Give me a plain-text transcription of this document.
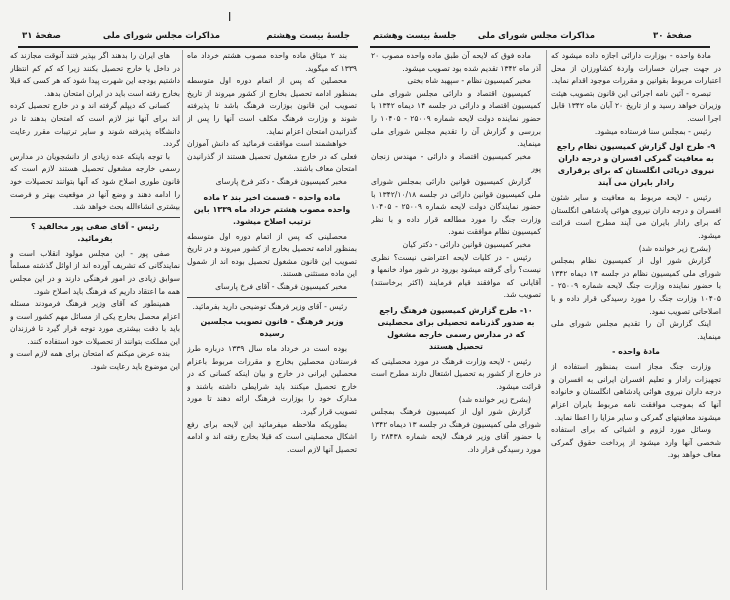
جلسهٔ بیست وهشتم
مذاکرات مجلس شورای ملی
صفحهٔ ۳۱

بند ۲ میثاق ماده واحده مصوب هشتم خرداد ماه ۱۳۳۹ که میگوید.

محصلین که پس از اتمام دوره اول متوسطه بمنظور ادامه تحصیل بخارج از کشور میروند از تاریخ تصویب این قانون بوزارت فرهنگ باشد تا پذیرفته شوند و وزارت فرهنگ مکلف است آنها را پس از گذرانیدن امتحان اعزام نماید.

خواهشمند است موافقت فرمائید که دانش آموزان فعلی که در خارج مشغول تحصیل هستند از گذرانیدن امتحان معاف باشند.

مخبر کمیسیون فرهنگ - دکتر فرخ پارسای

ماده واحده - قسمت اخیر بند ۲ ماده واحده مصوب هشتم خرداد ماه ۱۳۳۹ باین ترتیب اصلاح میشود.

محصلینی که پس از اتمام دوره اول متوسطه بمنظور ادامه تحصیل بخارج از کشور میروند و در تاریخ تصویب این قانون مشغول تحصیل بوده اند از شمول این ماده مستثنی هستند.

مخبر کمیسیون فرهنگ - آقای فرخ پارسای

رئیس - آقای وزیر فرهنگ توضیحی دارید بفرمائید.

وزیر فرهنگ - قانون تصویب مجلسین رسیده

بوده است در خرداد ماه سال ۱۳۳۹ درباره طرز فرستادن محصلین بخارج و مقررات مربوط باعزام محصلین ایرانی در خارج و بیان اینکه کسانی که در خارج تحصیل میکنند باید شرایطی داشته باشند و مدارک خود را بوزارت فرهنگ ارائه دهند تا مورد تصویب قرار گیرد.

بطوریکه ملاحظه میفرمائید این لایحه برای رفع اشکال محصلینی است که قبلا بخارج رفته اند و ادامه تحصیل آنها لازم است.

های ایران را بدهند اگر بپذیر فتند آنوقت مجازند که در داخل یا خارج تحصیل بکنند زیرا که کم کم انتظار داشتیم بودجه این شهرت پیدا شود که هر کسی که قبلا بخارج رفته است باید در ایران امتحان بدهد.

کسانی که دیپلم گرفته اند و در خارج تحصیل کرده اند برای آنها نیز لازم است که امتحان بدهند تا در دانشگاه پذیرفته شوند و سایر ترتیبات مقرر رعایت گردد.

با توجه باینکه عده زیادی از دانشجویان در مدارس رسمی خارجه مشغول تحصیل هستند لازم است که قانون طوری اصلاح شود که آنها بتوانند تحصیلات خود را ادامه دهند و وضع آنها در موقعیت بهتر و فرصت بیشتری انشاءالله بحث خواهد شد.

رئیس - آقای صفی پور مخالفید ؟ بفرمائید.

صفی پور - این مجلس مولود انقلاب است و نمایندگانی که تشریف آورده اند از اوائل گذشته مسلماً سوابق زیادی در امور فرهنگی دارند و در این مجلس همه ما اعتقاد داریم که فرهنگ باید اصلاح شود.

همینطور که آقای وزیر فرهنگ فرمودند مسئله اعزام محصل بخارج یکی از مسائل مهم کشور است و باید با دقت بیشتری مورد توجه قرار گیرد تا فرزندان این مملکت بتوانند از تحصیلات خود استفاده کنند.

بنده عرض میکنم که امتحان برای همه لازم است و این موضوع باید رعایت شود.

صفحهٔ ۳۰
مذاکرات مجلس شورای ملی
جلسهٔ بیست وهشتم

مادهٔ واحده - بوزارت دارائی اجازه داده میشود که در جهت جبران خسارات واردهٔ کشاورزان از محل اعتبارات مربوط بقوانین و مقررات موجود اقدام نماید.

تبصره - آئین نامه اجرائی این قانون بتصویب هیئت وزیران خواهد رسید و از تاریخ ۲۰ آبان ماه ۱۳۴۲ قابل اجرا است.

رئیس - بمجلس سنا فرستاده میشود.

۹- طرح اول گزارش کمیسیون نظام راجع به معافیت گمرکی افسران و درجه داران نیروی دریائی انگلستان که برای برقراری رادار بایران می آیند

رئیس - لایحه مربوط به معافیت و سایر شئون افسران و درجه داران نیروی هوائی پادشاهی انگلستان که برای رادار بایران می آیند مطرح است قرائت میشود.

(بشرح زیر خوانده شد)

گزارش شور اول از کمیسیون نظام بمجلس شورای ملی کمیسیون نظام در جلسه ۱۴ دیماه ۱۳۴۲ با حضور نماینده وزارت جنگ لایحه شماره ۲۵۰۰۹ - ۱۰۴۰۵ وزارت جنگ را مورد رسیدگی قرار داده و با اصلاحاتی تصویب نمود.

اینک گزارش آن را تقدیم مجلس شورای ملی مینماید.

مادهٔ واحده -

وزارت جنگ مجاز است بمنظور استفاده از تجهیزات رادار و تعلیم افسران ایرانی به افسران و درجه داران نیروی هوائی پادشاهی انگلستان و خانواده آنها که بموجب موافقت نامه مربوط بایران اعزام میشوند معافیتهای گمرکی و سایر مزایا را اعطا نماید.

وسائل مورد لزوم و اشیائی که برای استفاده شخصی آنها وارد میشود از پرداخت حقوق گمرکی معاف خواهد بود.

ماده فوق که لایحه آن طبق ماده واحده مصوب ۲۰ آذر ماه ۱۳۴۲ تقدیم شده بود تصویب میشود.

مخبر کمیسیون نظام - سپهبد شاه بختی

کمیسیون اقتصاد و دارائی مجلس شورای ملی کمیسیون اقتصاد و دارائی در جلسه ۱۴ دیماه ۱۳۴۲ با حضور نماینده دولت لایحه شماره ۲۵۰۰۹ - ۱۰۴۰۵ را بررسی و گزارش آن را تقدیم مجلس شورای ملی مینماید.

مخبر کمیسیون اقتصاد و دارائی - مهندس زنجان پور

گزارش کمیسیون قوانین دارائی بمجلس شورای ملی کمیسیون قوانین دارائی در جلسه ۱۳۴۲/۱۰/۱۸ با حضور نمایندگان دولت لایحه شماره ۲۵۰۰۹ - ۱۰۴۰۵ وزارت جنگ را مورد مطالعه قرار داده و با نظر کمیسیون نظام موافقت نمود.

مخبر کمیسیون قوانین دارائی - دکتر کیان

رئیس - در کلیات لایحه اعتراضی نیست؟ نظری نیست؟ رأی گرفته میشود بورود در شور مواد خانمها و آقایانی که موافقند قیام فرمایند (اکثر برخاستند) تصویب شد.

۱۰- طرح گزارش کمیسیون فرهنگ راجع به صدور گذرنامه تحصیلی برای محصلینی که در مدارس رسمی خارجه مشغول تحصیل هستند

رئیس - لایحه وزارت فرهنگ در مورد محصلینی که در خارج از کشور به تحصیل اشتغال دارند مطرح است قرائت میشود.

(بشرح زیر خوانده شد)

گزارش شور اول از کمیسیون فرهنگ بمجلس شورای ملی کمیسیون فرهنگ در جلسه ۱۳ دیماه ۱۳۴۲ با حضور آقای وزیر فرهنگ لایحه شماره ۲۸۴۳۸ را مورد رسیدگی قرار داد.

ا
